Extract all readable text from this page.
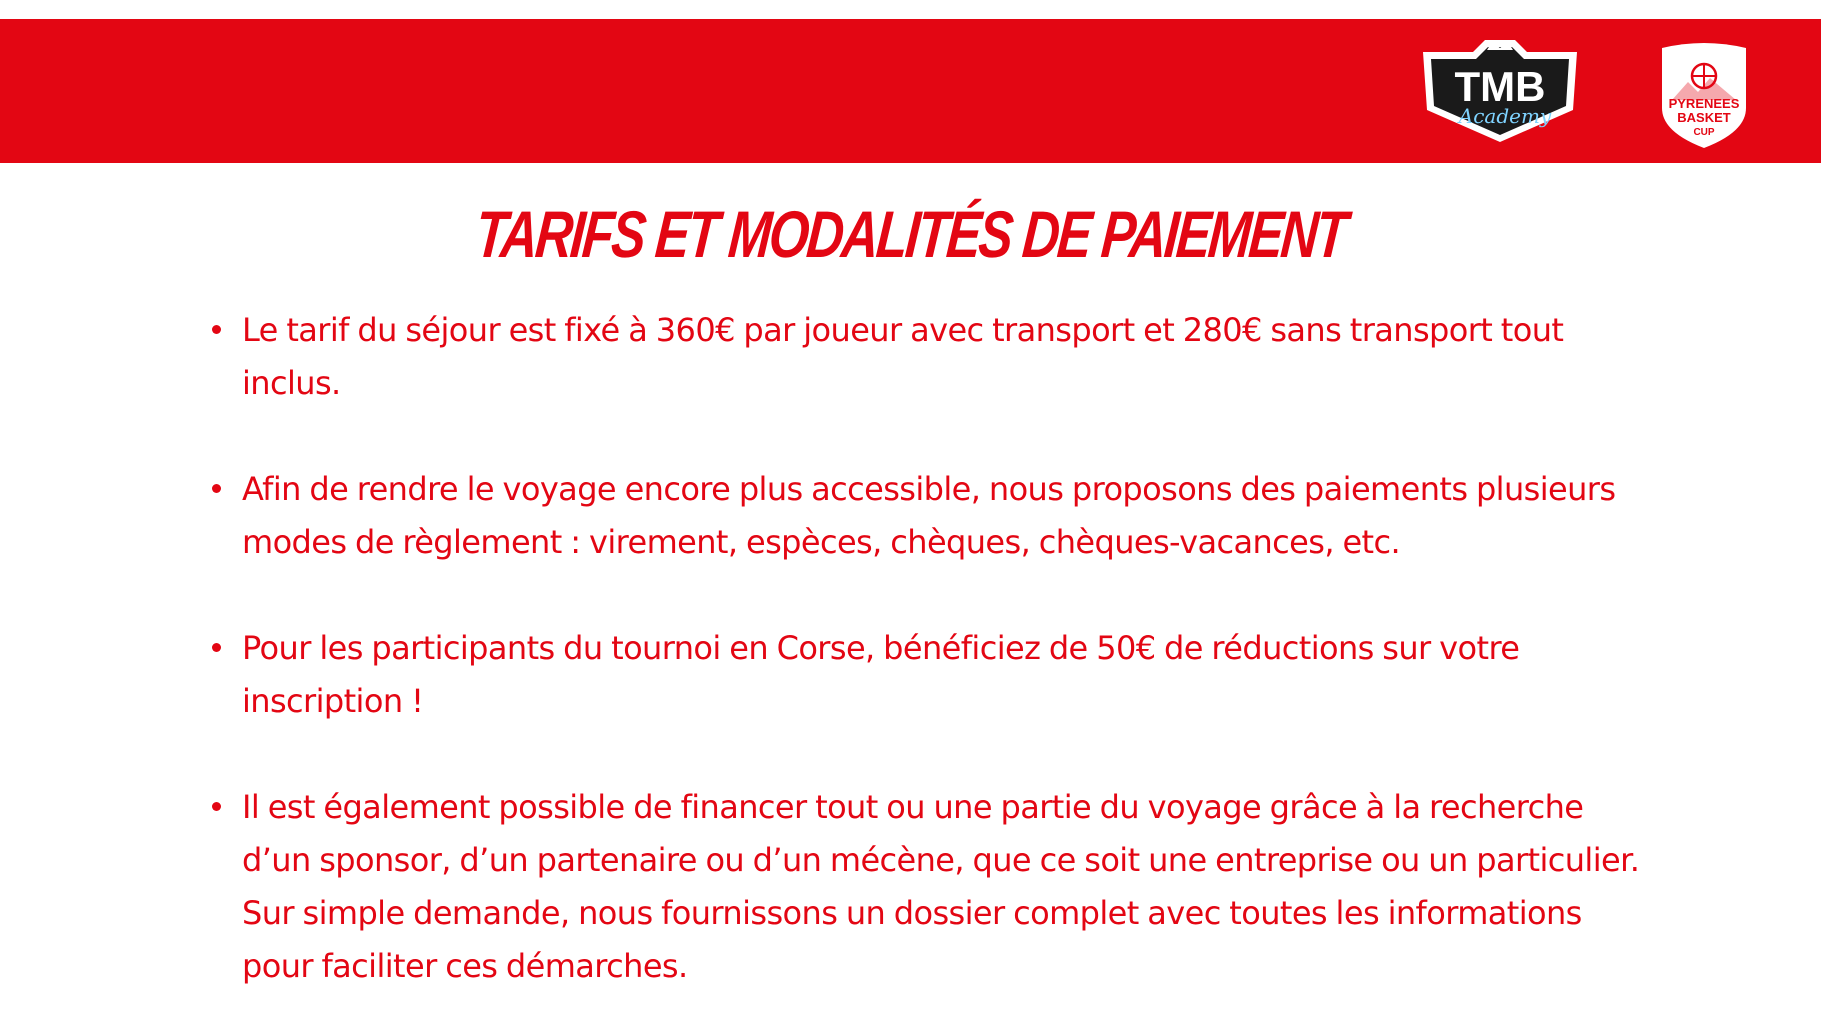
TMB
Academy
PYRENEES
BASKET
CUP
TARIFS ET MODALITÉS DE PAIEMENT
Le tarif du séjour est fixé à 360€ par joueur avec transport et 280€ sans transport tout inclus.
Afin de rendre le voyage encore plus accessible, nous proposons des paiements plusieurs modes de règlement : virement, espèces, chèques, chèques-vacances, etc.
Pour les participants du tournoi en Corse, bénéficiez de 50€ de réductions sur votre inscription !
Il est également possible de financer tout ou une partie du voyage grâce à la recherche d’un sponsor, d’un partenaire ou d’un mécène, que ce soit une entreprise ou un particulier. Sur simple demande, nous fournissons un dossier complet avec toutes les informations pour faciliter ces démarches.
